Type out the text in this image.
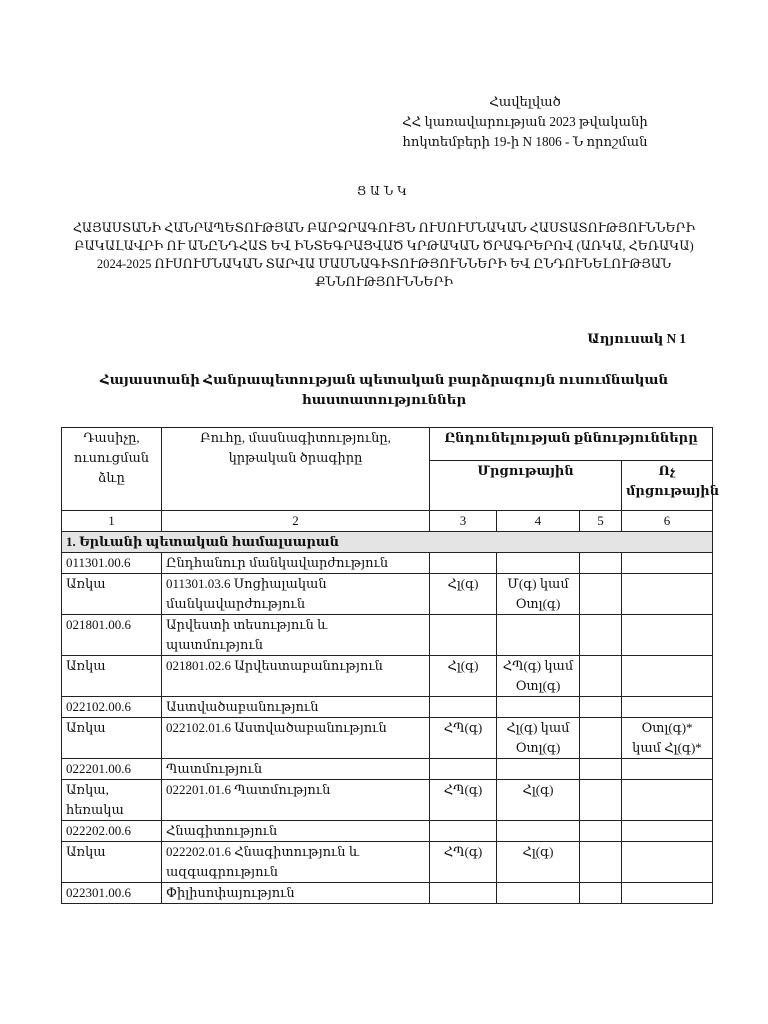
Հավելված
ՀՀ կառավարության 2023 թվականի
հոկտեմբերի 19-ի N 1806 - Ն որոշման
ՑԱՆԿ
ՀԱՅԱՍՏԱՆԻ ՀԱՆՐԱՊԵՏՈՒԹՅԱՆ ԲԱՐՁՐԱԳՈՒՅՆ ՈՒՍՈՒՄՆԱԿԱՆ ՀԱՍՏԱՏՈՒԹՅՈՒՆՆԵՐԻ
ԲԱԿԱԼԱՎՐԻ ՈՒ ԱՆԸՆԴՀԱՏ ԵՎ ԻՆՏԵԳՐԱՑՎԱԾ ԿՐԹԱԿԱՆ ԾՐԱԳՐԵՐՈՎ (ԱՌԿԱ, ՀԵՌԱԿԱ)
2024-2025 ՈՒՍՈՒՄՆԱԿԱՆ ՏԱՐՎԱ ՄԱՍՆԱԳԻՏՈՒԹՅՈՒՆՆԵՐԻ ԵՎ ԸՆԴՈՒՆԵԼՈՒԹՅԱՆ
ՔՆՆՈՒԹՅՈՒՆՆԵՐԻ
Աղյուսակ N 1
Հայաստանի Հանրապետության պետական բարձրագույն ուսումնական
հաստատություններ
Դասիչը, ուսուցման ձևը	Բուհը, մասնագիտությունը, կրթական ծրագիրը	Ընդունելության քննությունները			
		Մրցութային			Ոչ մրցութային
1	2	3	4	5	6
1. Երևանի պետական համալսարան					
011301.00.6	Ընդհանուր մանկավարժություն				
Առկա	011301.03.6 Սոցիալական մանկավարժություն	Հլ(գ)	Մ(գ) կամ Օտլ(գ)		
021801.00.6	Արվեստի տեսություն և պատմություն				
Առկա	021801.02.6 Արվեստաբանություն	Հլ(գ)	ՀՊ(գ) կամ Օտլ(գ)		
022102.00.6	Աստվածաբանություն				
Առկա	022102.01.6 Աստվածաբանություն	ՀՊ(գ)	Հլ(գ) կամ Օտլ(գ)		Օտլ(գ)* կամ Հլ(գ)*
022201.00.6	Պատմություն				
Առկա, հեռակա	022201.01.6 Պատմություն	ՀՊ(գ)	Հլ(գ)		
022202.00.6	Հնագիտություն				
Առկա	022202.01.6 Հնագիտություն և ազգագրություն	ՀՊ(գ)	Հլ(գ)		
022301.00.6	Փիլիսոփայություն				
